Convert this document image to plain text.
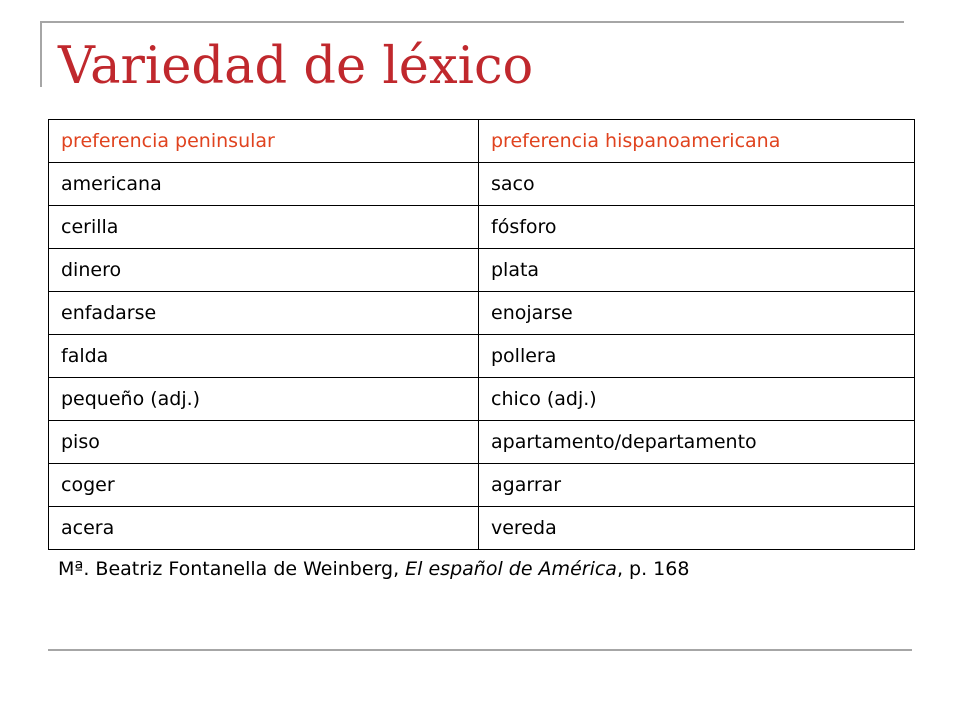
Variedad de léxico
preferencia peninsular	preferencia hispanoamericana
americana	saco
cerilla	fósforo
dinero	plata
enfadarse	enojarse
falda	pollera
pequeño (adj.)	chico (adj.)
piso	apartamento/departamento
coger	agarrar
acera	vereda

Mª. Beatriz Fontanella de Weinberg, El español de América, p. 168
